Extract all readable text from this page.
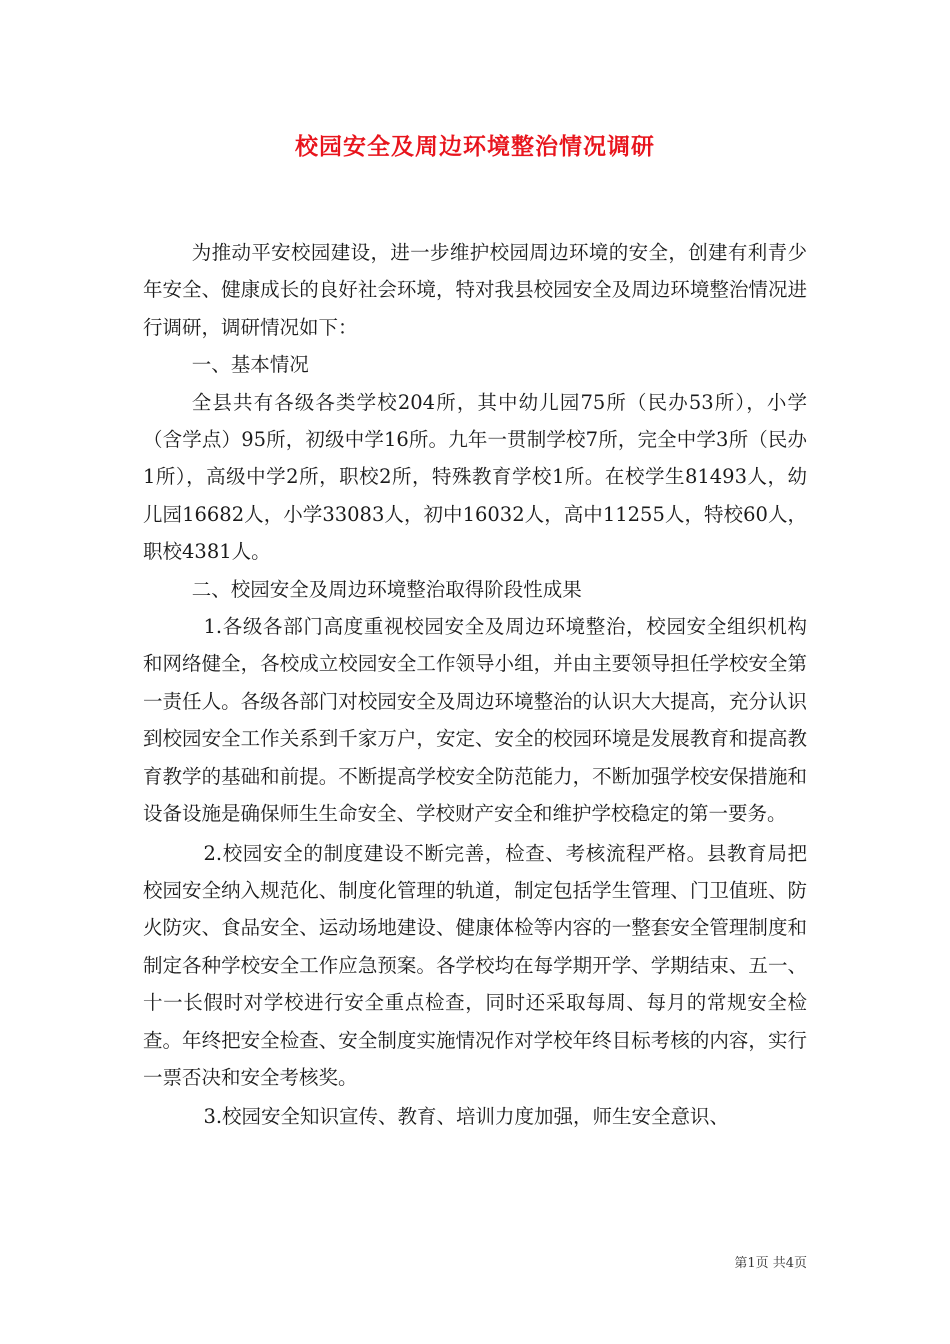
校园安全及周边环境整治情况调研

为推动平安校园建设，进一步维护校园周边环境的安全，创建有利青少年安全、健康成长的良好社会环境，特对我县校园安全及周边环境整治情况进行调研，调研情况如下：

一、基本情况

全县共有各级各类学校204所，其中幼儿园75所（民办53所），小学（含学点）95所，初级中学16所。九年一贯制学校7所，完全中学3所（民办1所），高级中学2所，职校2所，特殊教育学校1所。在校学生81493人，幼儿园16682人，小学33083人，初中16032人，高中11255人，特校60人，职校4381人。

二、校园安全及周边环境整治取得阶段性成果

1.各级各部门高度重视校园安全及周边环境整治，校园安全组织机构和网络健全，各校成立校园安全工作领导小组，并由主要领导担任学校安全第一责任人。各级各部门对校园安全及周边环境整治的认识大大提高，充分认识到校园安全工作关系到千家万户，安定、安全的校园环境是发展教育和提高教育教学的基础和前提。不断提高学校安全防范能力，不断加强学校安保措施和设备设施是确保师生生命安全、学校财产安全和维护学校稳定的第一要务。

2.校园安全的制度建设不断完善，检查、考核流程严格。县教育局把校园安全纳入规范化、制度化管理的轨道，制定包括学生管理、门卫值班、防火防灾、食品安全、运动场地建设、健康体检等内容的一整套安全管理制度和制定各种学校安全工作应急预案。各学校均在每学期开学、学期结束、五一、十一长假时对学校进行安全重点检查，同时还采取每周、每月的常规安全检查。年终把安全检查、安全制度实施情况作对学校年终目标考核的内容，实行一票否决和安全考核奖。

3.校园安全知识宣传、教育、培训力度加强，师生安全意识、

第1页 共4页
